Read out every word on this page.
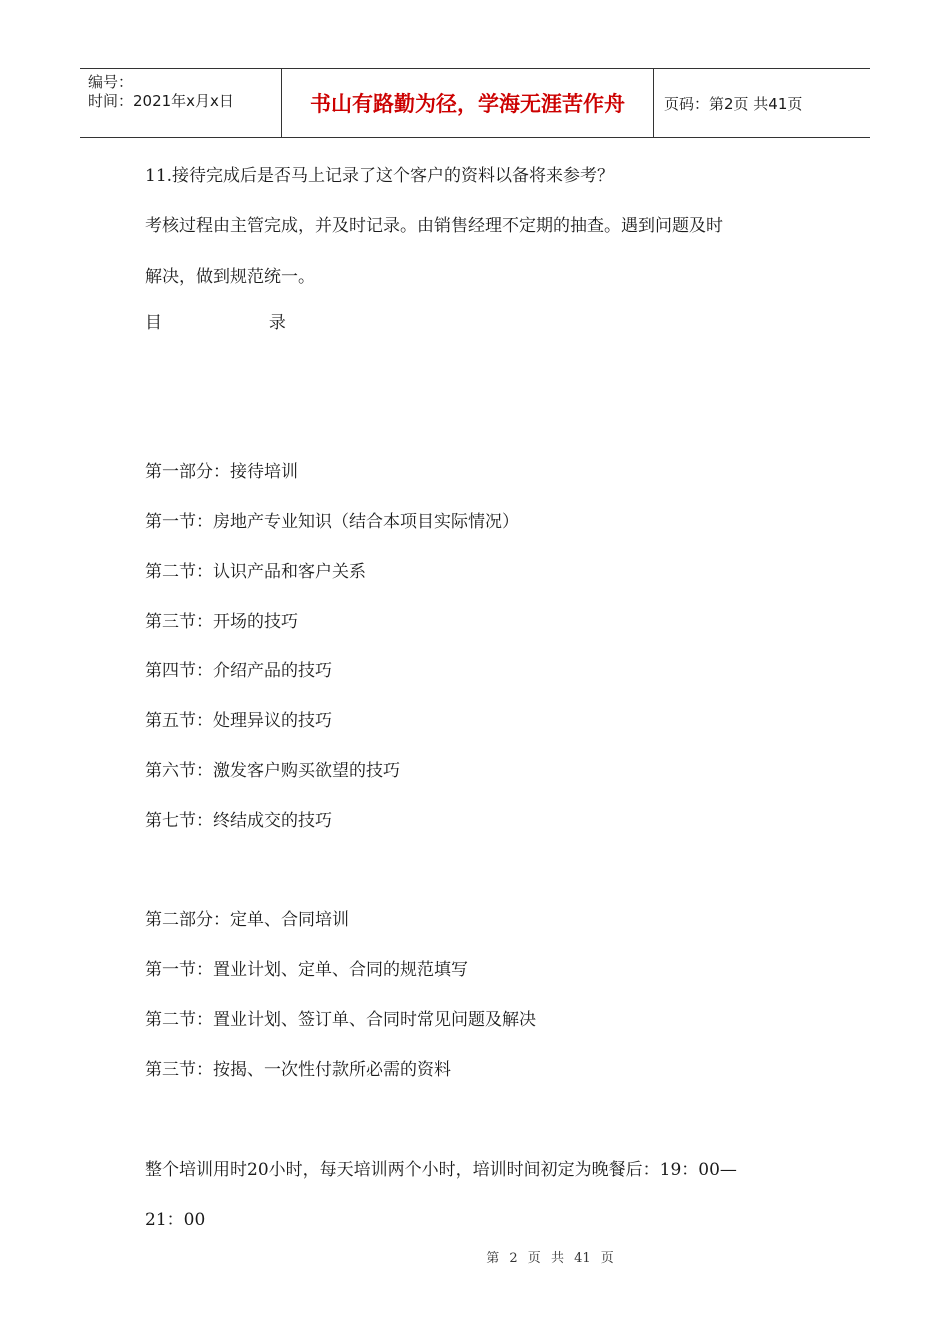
编号：
时间：2021年x月x日	书山有路勤为径，学海无涯苦作舟	页码：第2页 共41页
11.接待完成后是否马上记录了这个客户的资料以备将来参考？
考核过程由主管完成，并及时记录。由销售经理不定期的抽查。遇到问题及时
解决，做到规范统一。
目	录
第一部分：接待培训
第一节：房地产专业知识（结合本项目实际情况）
第二节：认识产品和客户关系
第三节：开场的技巧
第四节：介绍产品的技巧
第五节：处理异议的技巧
第六节：激发客户购买欲望的技巧
第七节：终结成交的技巧
第二部分：定单、合同培训
第一节：置业计划、定单、合同的规范填写
第二节：置业计划、签订单、合同时常见问题及解决
第三节：按揭、一次性付款所必需的资料
整个培训用时20小时，每天培训两个小时，培训时间初定为晚餐后：19：00—
21：00
第 2 页 共 41 页
